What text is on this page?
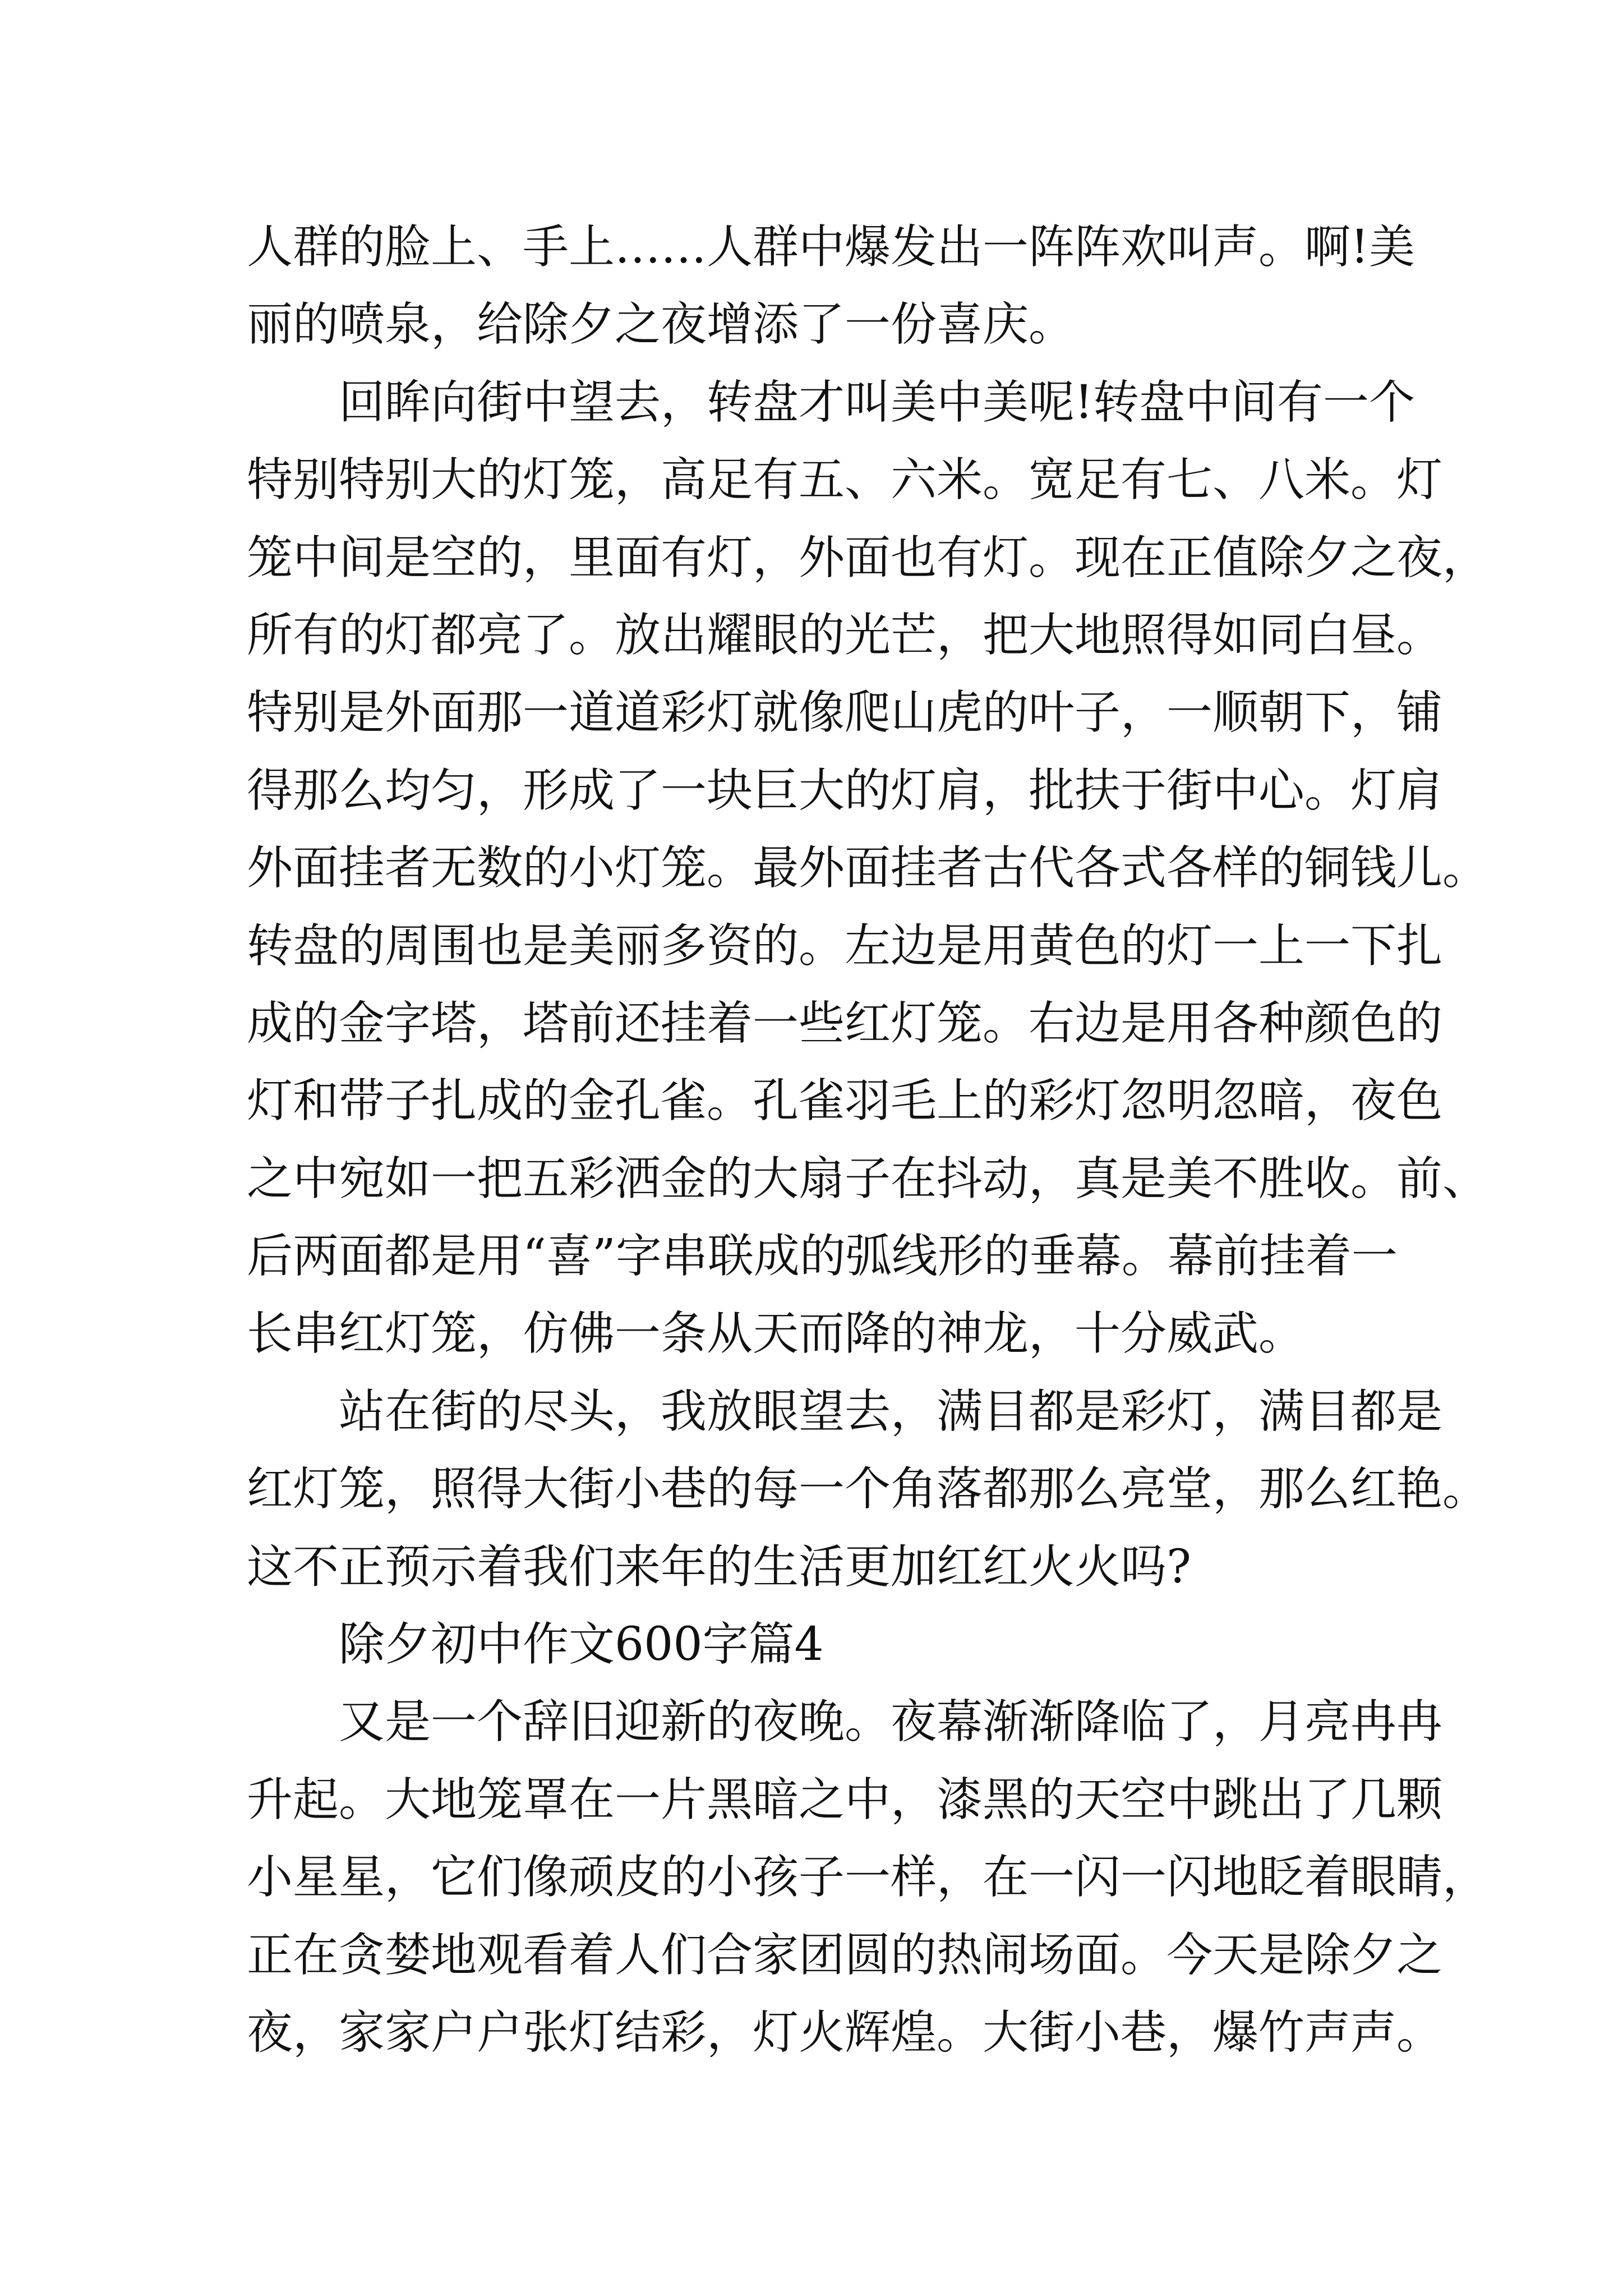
人群的脸上、手上……人群中爆发出一阵阵欢叫声。啊!美
丽的喷泉，给除夕之夜增添了一份喜庆。
回眸向街中望去，转盘才叫美中美呢!转盘中间有一个
特别特别大的灯笼，高足有五、六米。宽足有七、八米。灯
笼中间是空的，里面有灯，外面也有灯。现在正值除夕之夜，
所有的灯都亮了。放出耀眼的光芒，把大地照得如同白昼。
特别是外面那一道道彩灯就像爬山虎的叶子，一顺朝下，铺
得那么均匀，形成了一块巨大的灯肩，批扶于街中心。灯肩
外面挂者无数的小灯笼。最外面挂者古代各式各样的铜钱儿。
转盘的周围也是美丽多资的。左边是用黄色的灯一上一下扎
成的金字塔，塔前还挂着一些红灯笼。右边是用各种颜色的
灯和带子扎成的金孔雀。孔雀羽毛上的彩灯忽明忽暗，夜色
之中宛如一把五彩洒金的大扇子在抖动，真是美不胜收。前、
后两面都是用“喜”字串联成的弧线形的垂幕。幕前挂着一
长串红灯笼，仿佛一条从天而降的神龙，十分威武。
站在街的尽头，我放眼望去，满目都是彩灯，满目都是
红灯笼，照得大街小巷的每一个角落都那么亮堂，那么红艳。
这不正预示着我们来年的生活更加红红火火吗?
除夕初中作文600字篇4
又是一个辞旧迎新的夜晚。夜幕渐渐降临了，月亮冉冉
升起。大地笼罩在一片黑暗之中，漆黑的天空中跳出了几颗
小星星，它们像顽皮的小孩子一样，在一闪一闪地眨着眼睛，
正在贪婪地观看着人们合家团圆的热闹场面。今天是除夕之
夜，家家户户张灯结彩，灯火辉煌。大街小巷，爆竹声声。
